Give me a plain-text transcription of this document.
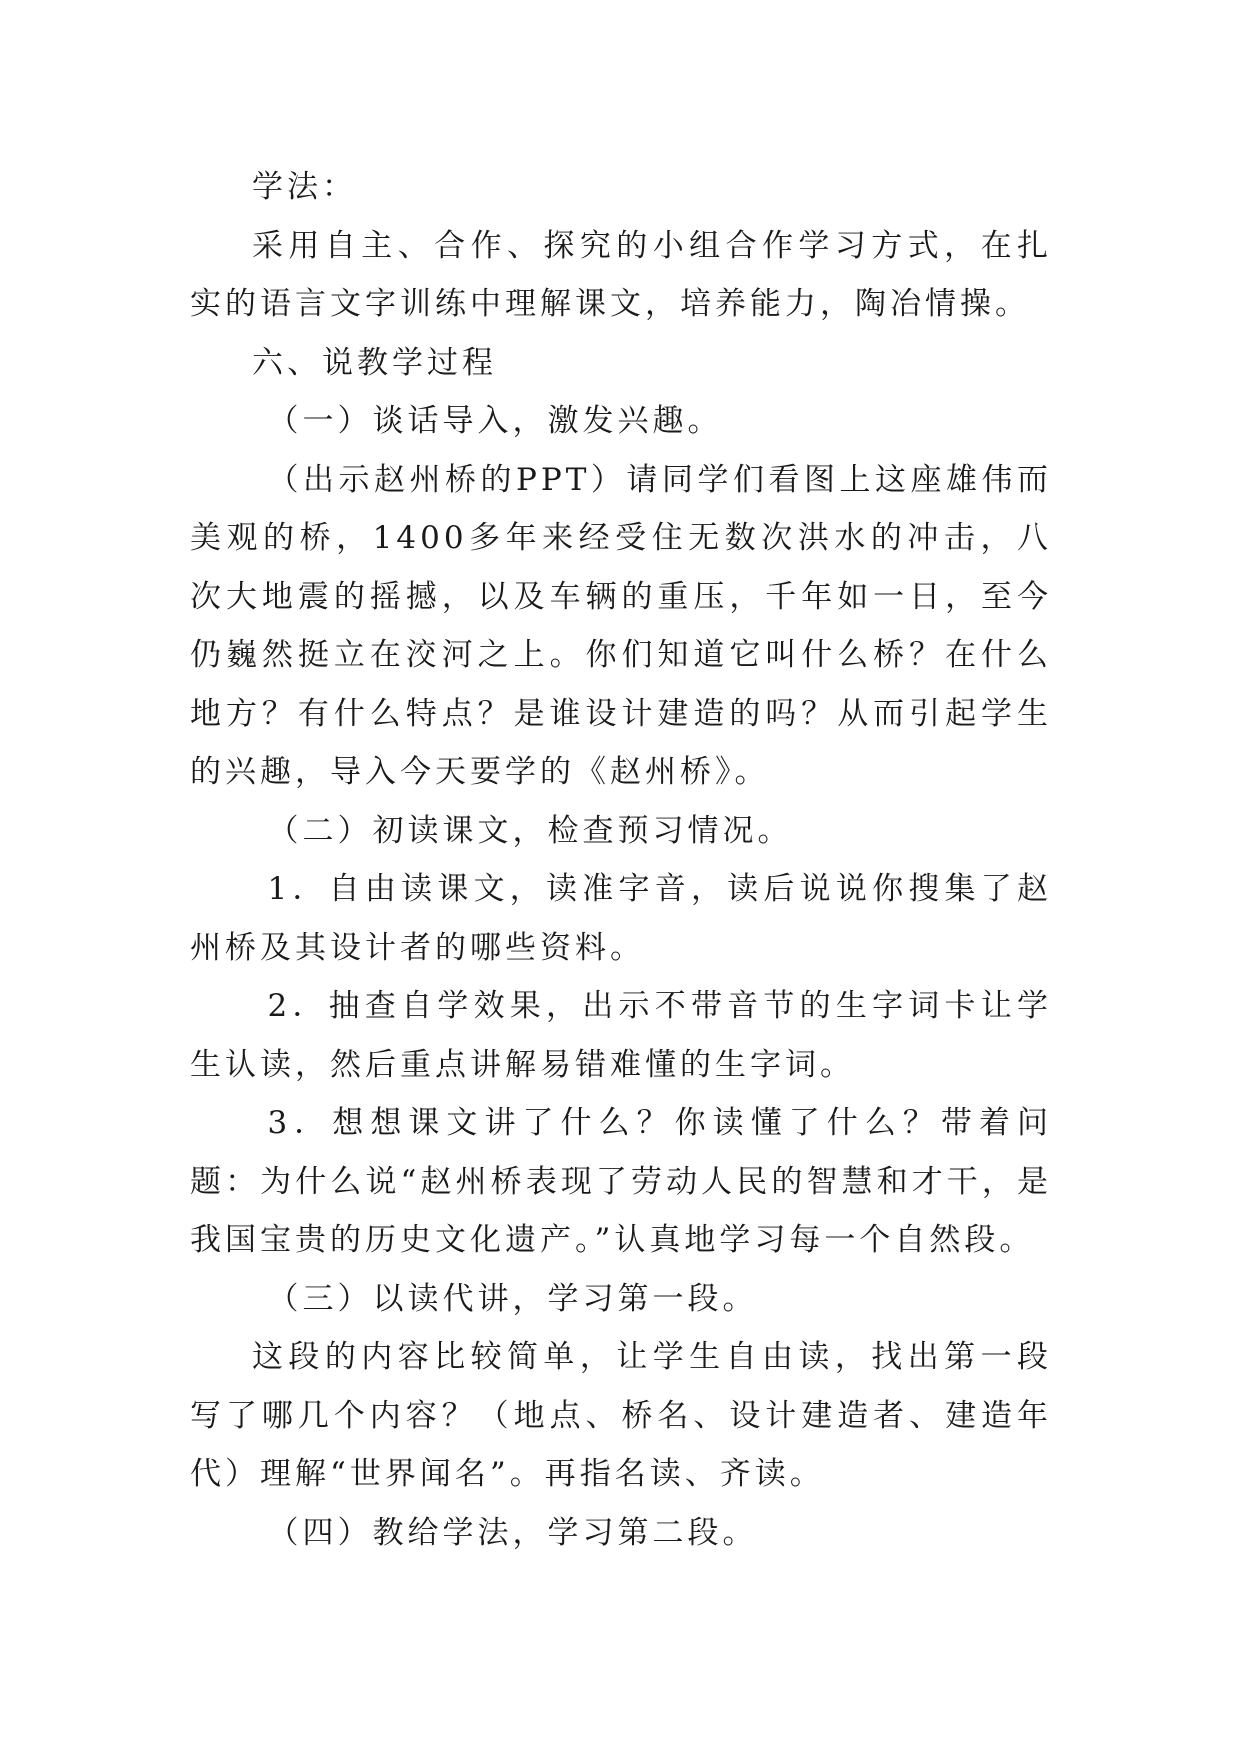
学法：

采用自主、合作、探究的小组合作学习方式，在扎实的语言文字训练中理解课文，培养能力，陶冶情操。

六、说教学过程

（一）谈话导入，激发兴趣。

（出示赵州桥的PPT）请同学们看图上这座雄伟而美观的桥，1400多年来经受住无数次洪水的冲击，八次大地震的摇撼，以及车辆的重压，千年如一日，至今仍巍然挺立在洨河之上。你们知道它叫什么桥？在什么地方？有什么特点？是谁设计建造的吗？从而引起学生的兴趣，导入今天要学的《赵州桥》。

（二）初读课文，检查预习情况。

1．自由读课文，读准字音，读后说说你搜集了赵州桥及其设计者的哪些资料。

2．抽查自学效果，出示不带音节的生字词卡让学生认读，然后重点讲解易错难懂的生字词。

3．想想课文讲了什么？你读懂了什么？带着问题：为什么说“赵州桥表现了劳动人民的智慧和才干，是我国宝贵的历史文化遗产。”认真地学习每一个自然段。

（三）以读代讲，学习第一段。

这段的内容比较简单，让学生自由读，找出第一段写了哪几个内容？（地点、桥名、设计建造者、建造年代）理解“世界闻名”。再指名读、齐读。

（四）教给学法，学习第二段。
